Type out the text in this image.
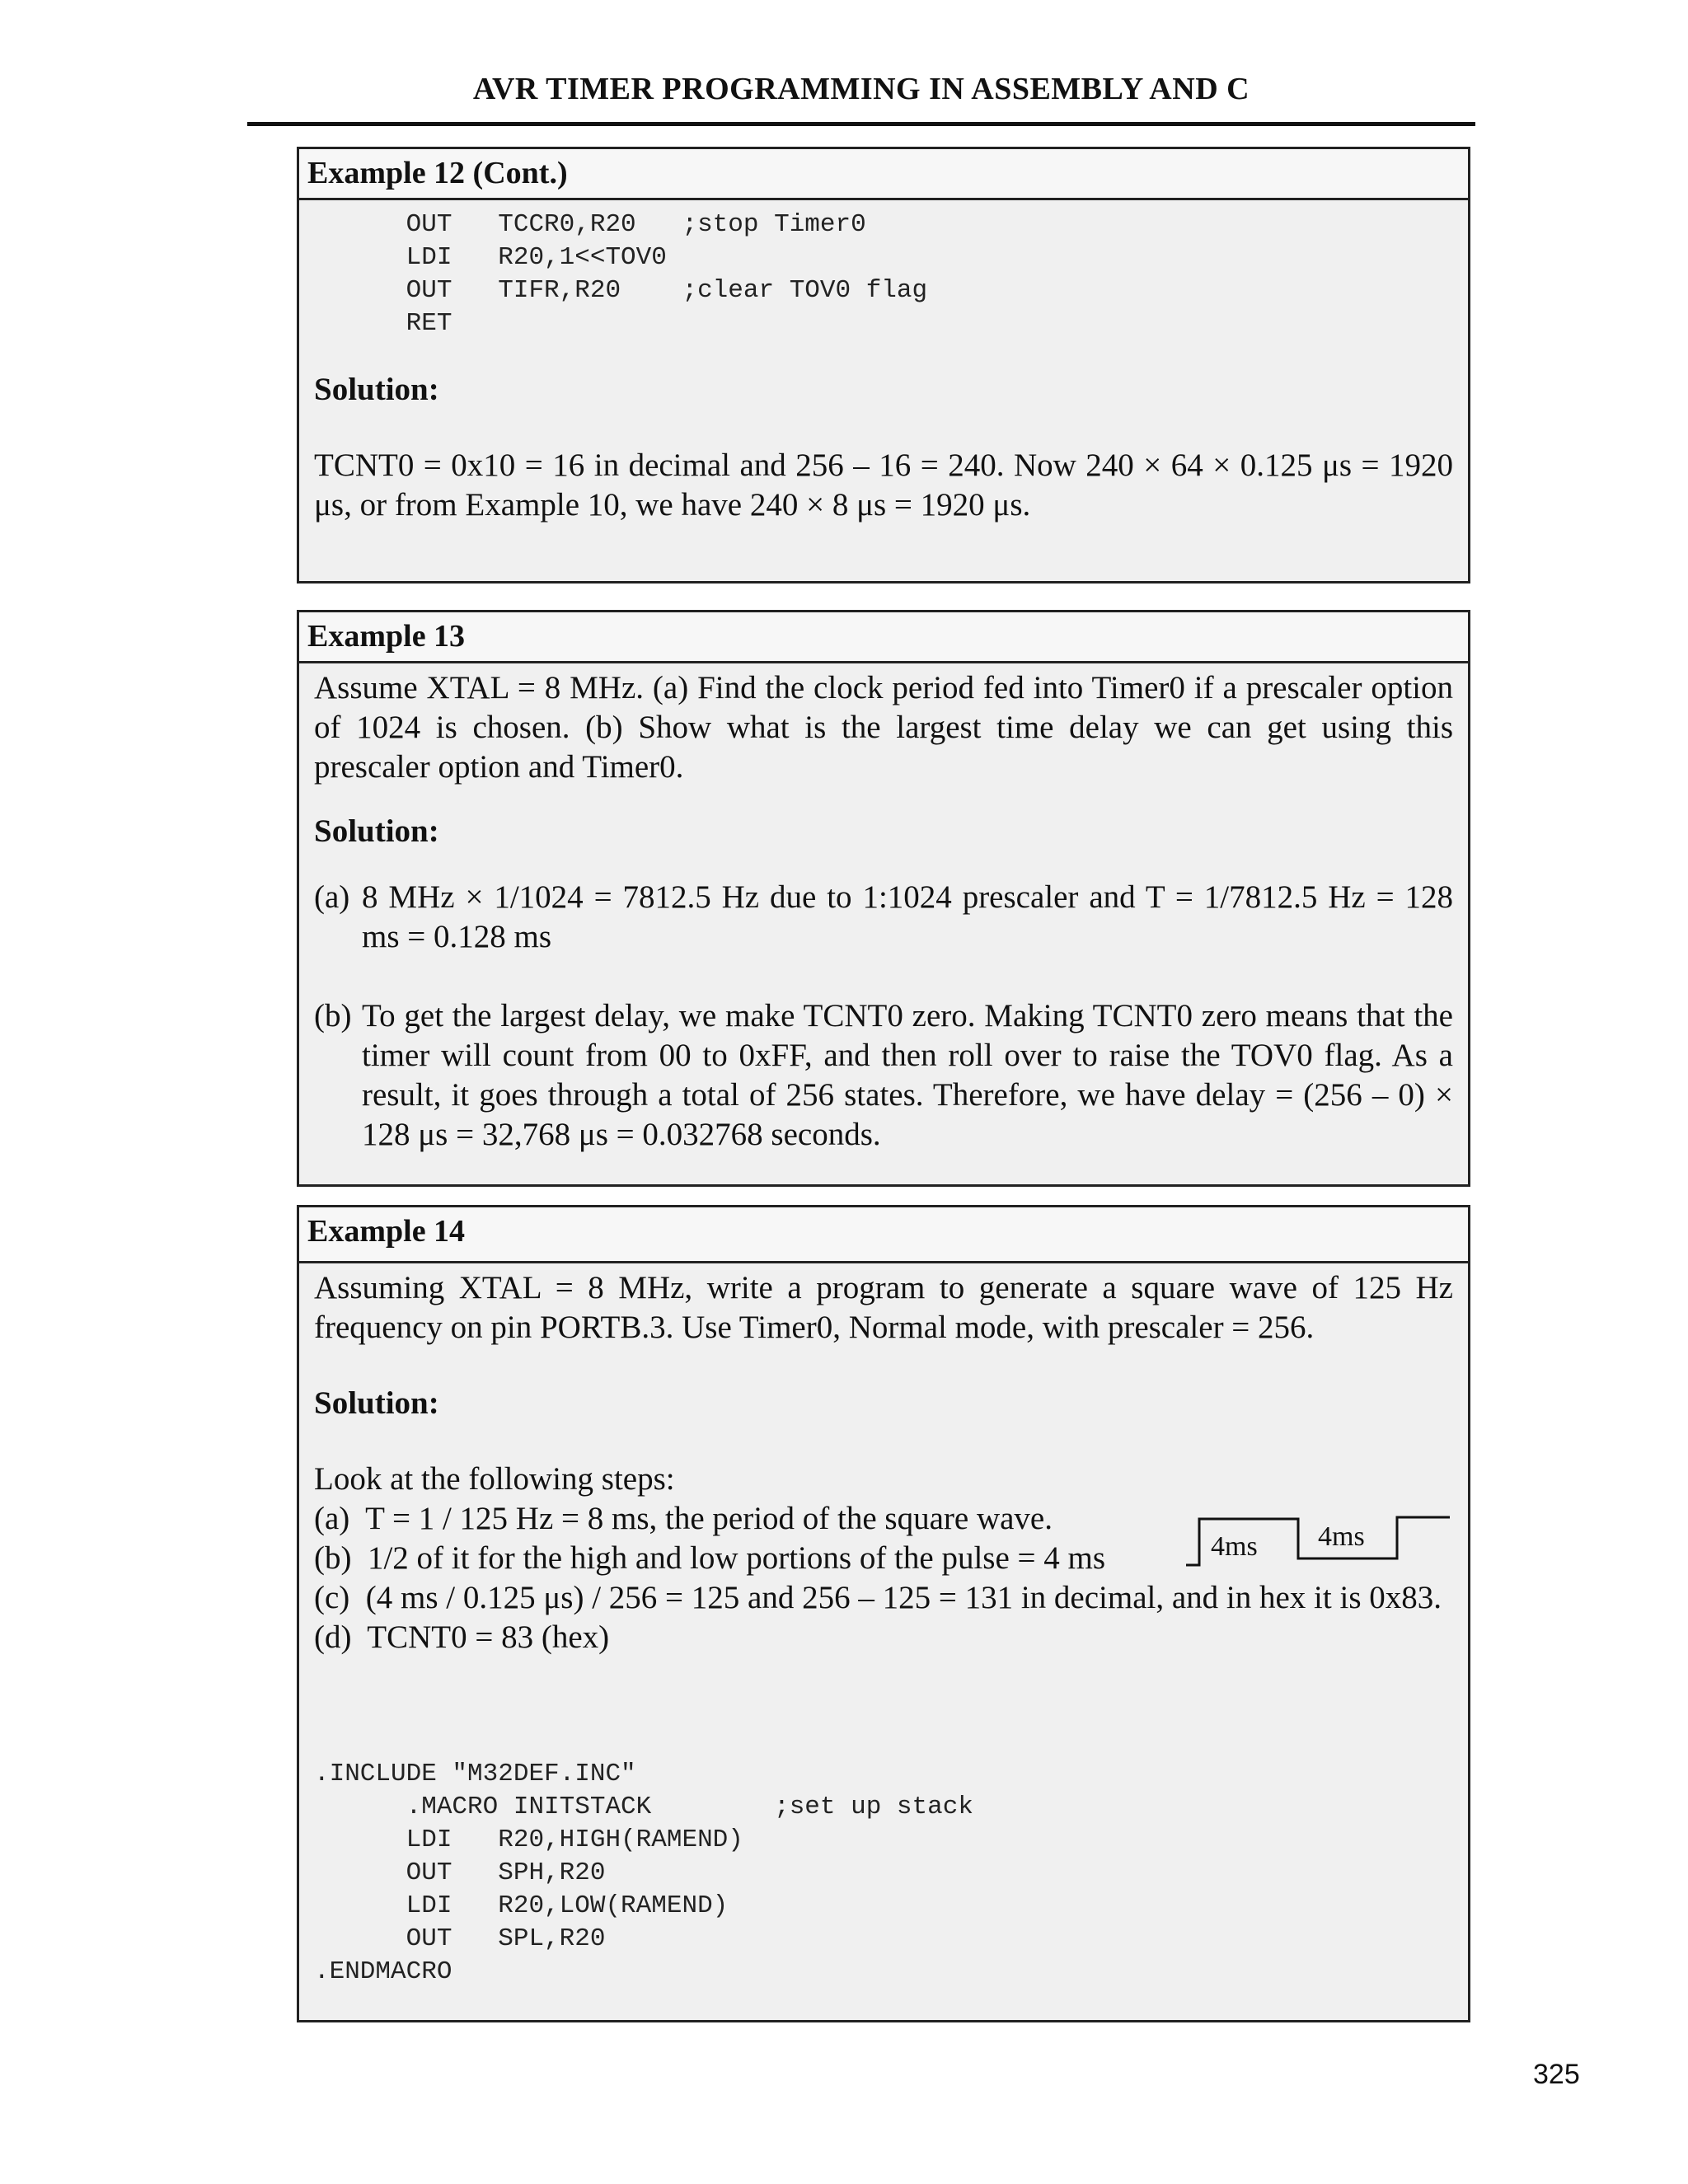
AVR TIMER PROGRAMMING IN ASSEMBLY AND C
Example 12 (Cont.)
OUT   TCCR0,R20   ;stop Timer0
LDI   R20,1<<TOV0
OUT   TIFR,R20    ;clear TOV0 flag
RET

Solution:

TCNT0 = 0x10 = 16 in decimal and 256 – 16 = 240. Now 240 × 64 × 0.125 μs = 1920 μs, or from Example 10, we have 240 × 8 μs = 1920 μs.

Example 13

Assume XTAL = 8 MHz. (a) Find the clock period fed into Timer0 if a prescaler option of 1024 is chosen. (b) Show what is the largest time delay we can get using this prescaler option and Timer0.

Solution:

(a) 8 MHz × 1/1024 = 7812.5 Hz due to 1:1024 prescaler and T = 1/7812.5 Hz = 128 ms = 0.128 ms
(b) To get the largest delay, we make TCNT0 zero. Making TCNT0 zero means that the timer will count from 00 to 0xFF, and then roll over to raise the TOV0 flag. As a result, it goes through a total of 256 states. Therefore, we have delay = (256 – 0) × 128 μs = 32,768 μs = 0.032768 seconds.
Example 14

Assuming XTAL = 8 MHz, write a program to generate a square wave of 125 Hz frequency on pin PORTB.3. Use Timer0, Normal mode, with prescaler = 256.

Solution:

Look at the following steps:

(a)  T = 1 / 125 Hz = 8 ms, the period of the square wave.

(b)  1/2 of it for the high and low portions of the pulse = 4 ms

(c)  (4 ms / 0.125 μs) / 256 = 125 and 256 – 125 = 131 in decimal, and in hex it is 0x83.

(d)  TCNT0 = 83 (hex)

4ms 4ms
.INCLUDE "M32DEF.INC"
.MACRO INITSTACK        ;set up stack
LDI   R20,HIGH(RAMEND)
OUT   SPH,R20
LDI   R20,LOW(RAMEND)
OUT   SPL,R20
.ENDMACRO
325
